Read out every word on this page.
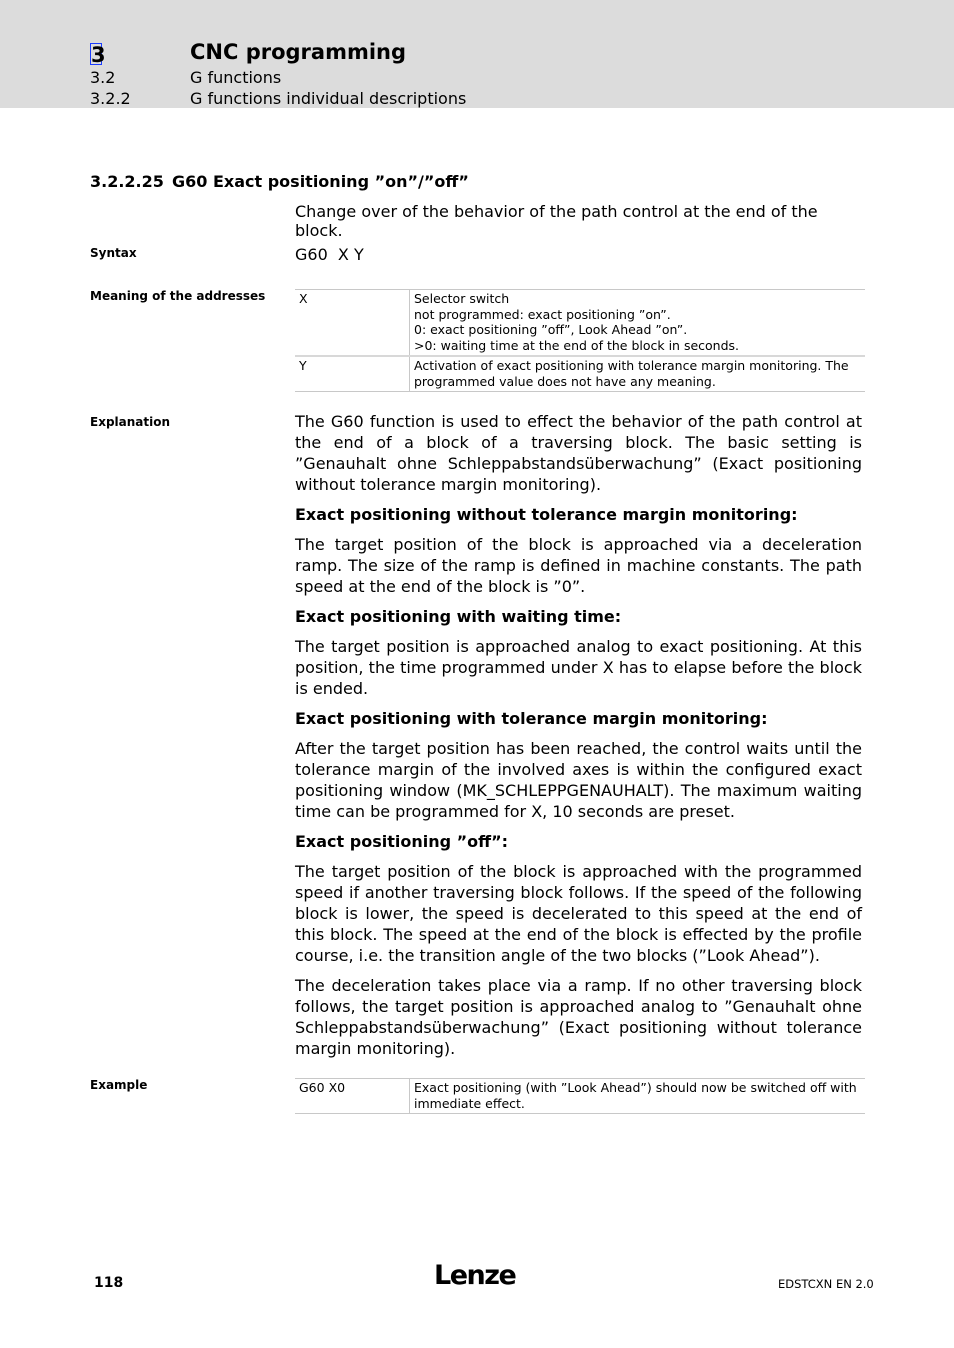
3	CNC programming
3.2	G functions
3.2.2	G functions individual descriptions
3.2.2.25 G60 Exact positioning ”on”/”off”
Change over of the behavior of the path control at the end of the block.
Syntax	G60  X Y
Meaning of the addresses	X	Selector switch
not programmed: exact positioning ”on”.
0: exact positioning ”off”, Look Ahead ”on”.
>0: waiting time at the end of the block in seconds.

Y	Activation of exact positioning with tolerance margin monitoring. The programmed value does not have any meaning.
Explanation	The G60 function is used to effect the behavior of the path control at the end of a block of a traversing block. The basic setting is ”Genauhalt ohne Schleppabstandsüberwachung” (Exact positioning without tolerance margin monitoring).

Exact positioning without tolerance margin monitoring:

The target position of the block is approached via a deceleration ramp. The size of the ramp is defined in machine constants. The path speed at the end of the block is ”0”.

Exact positioning with waiting time:

The target position is approached analog to exact positioning. At this position, the time programmed under X has to elapse before the block is ended.

Exact positioning with tolerance margin monitoring:

After the target position has been reached, the control waits until the tolerance margin of the involved axes is within the configured exact positioning window (MK_SCHLEPPGENAUHALT). The maximum waiting time can be programmed for X, 10 seconds are preset.

Exact positioning ”off”:

The target position of the block is approached with the programmed speed if another traversing block follows. If the speed of the following block is lower, the speed is decelerated to this speed at the end of this block. The speed at the end of the block is effected by the profile course, i.e. the transition angle of the two blocks (”Look Ahead”).

The deceleration takes place via a ramp. If no other traversing block follows, the target position is approached analog to ”Genauhalt ohne Schleppabstandsüberwachung” (Exact positioning without tolerance margin monitoring).

Example	G60 X0	Exact positioning (with ”Look Ahead”) should now be switched off with immediate effect.
118	Lenze	EDSTCXN EN 2.0
